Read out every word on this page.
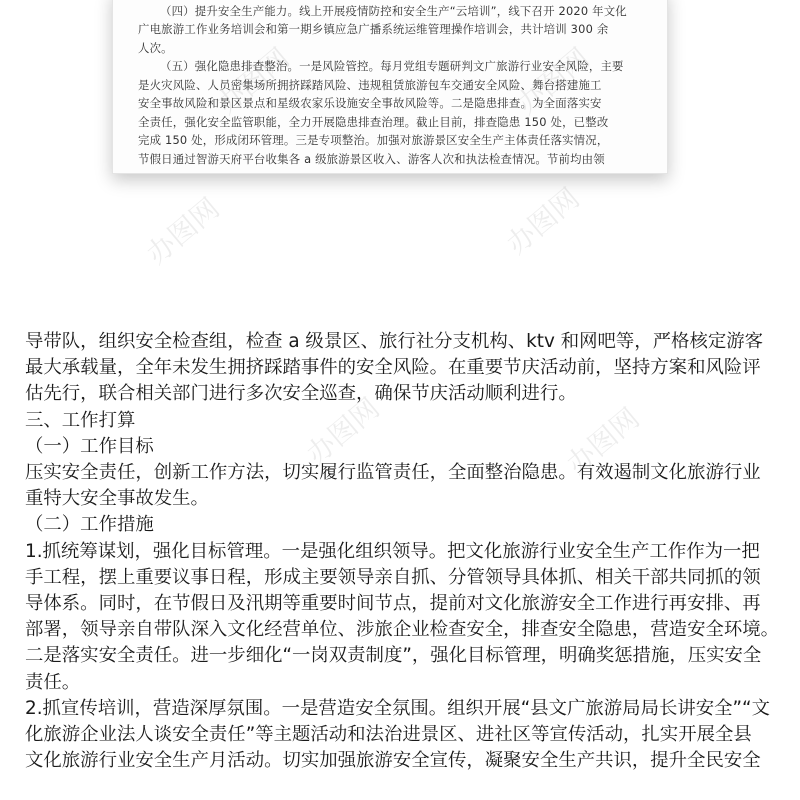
（四）提升安全生产能力。线上开展疫情防控和安全生产“云培训”，线下召开 2020 年文化

广电旅游工作业务培训会和第一期乡镇应急广播系统运维管理操作培训会，共计培训 300 余

人次。

（五）强化隐患排查整治。一是风险管控。每月党组专题研判文广旅游行业安全风险，主要

是火灾风险、人员密集场所拥挤踩踏风险、违规租赁旅游包车交通安全风险、舞台搭建施工

安全事故风险和景区景点和星级农家乐设施安全事故风险等。二是隐患排查。为全面落实安

全责任，强化安全监管职能，全力开展隐患排查治理。截止目前，排查隐患 150 处，已整改

完成 150 处，形成闭环管理。三是专项整治。加强对旅游景区安全生产主体责任落实情况，

节假日通过智游天府平台收集各 a 级旅游景区收入、游客人次和执法检查情况。节前均由领

办图网	办图网
办图网	办图网

导带队，组织安全检查组，检查 a 级景区、旅行社分支机构、ktv 和网吧等，严格核定游客

最大承载量，全年未发生拥挤踩踏事件的安全风险。在重要节庆活动前，坚持方案和风险评

估先行，联合相关部门进行多次安全巡查，确保节庆活动顺利进行。

三、工作打算

（一）工作目标

压实安全责任，创新工作方法，切实履行监管责任，全面整治隐患。有效遏制文化旅游行业

重特大安全事故发生。

（二）工作措施

1.抓统筹谋划，强化目标管理。一是强化组织领导。把文化旅游行业安全生产工作作为一把

手工程，摆上重要议事日程，形成主要领导亲自抓、分管领导具体抓、相关干部共同抓的领

导体系。同时，在节假日及汛期等重要时间节点，提前对文化旅游安全工作进行再安排、再

部署，领导亲自带队深入文化经营单位、涉旅企业检查安全，排查安全隐患，营造安全环境。

二是落实安全责任。进一步细化“一岗双责制度”，强化目标管理，明确奖惩措施，压实安全

责任。

2.抓宣传培训，营造深厚氛围。一是营造安全氛围。组织开展“县文广旅游局局长讲安全”“文

化旅游企业法人谈安全责任”等主题活动和法治进景区、进社区等宣传活动，扎实开展全县

文化旅游行业安全生产月活动。切实加强旅游安全宣传，凝聚安全生产共识，提升全民安全
